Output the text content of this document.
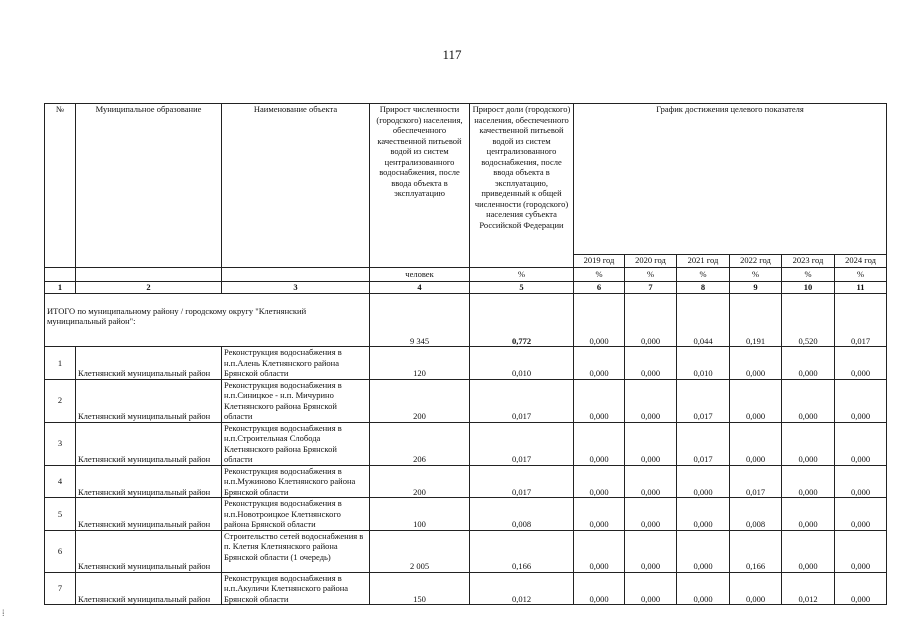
117
№	Муниципальное образование	Наименование объекта	Прирост численности (городского) населения, обеспеченного качественной питьевой водой из систем централизованного водоснабжения, после ввода объекта в эксплуатацию	Прирост доли (городского) населения, обеспеченного качественной питьевой водой из систем централизованного водоснабжения, после ввода объекта в эксплуатацию, приведенный к общей численности (городского) населения субъекта Российской Федерации	График достижения целевого показателя					
					2019 год	2020 год	2021 год	2022 год	2023 год	2024 год
			человек	%	%	%	%	%	%	%
1	2	3	4	5	6	7	8	9	10	11
ИТОГО по муниципальному району / городскому округу "Клетнянский муниципальный район":			9 345	0,772	0,000	0,000	0,044	0,191	0,520	0,017
1	Клетнянский муниципальный район	Реконструкция водоснабжения в н.п.Алень Клетнянского района Брянской области	120	0,010	0,000	0,000	0,010	0,000	0,000	0,000
2	Клетнянский муниципальный район	Реконструкция водоснабжения в н.п.Синицкое - н.п. Мичурино Клетнянского района Брянской области	200	0,017	0,000	0,000	0,017	0,000	0,000	0,000
3	Клетнянский муниципальный район	Реконструкция водоснабжения в н.п.Строительная Слобода Клетнянского района Брянской области	206	0,017	0,000	0,000	0,017	0,000	0,000	0,000
4	Клетнянский муниципальный район	Реконструкция водоснабжения в н.п.Мужиново Клетнянского района Брянской области	200	0,017	0,000	0,000	0,000	0,017	0,000	0,000
5	Клетнянский муниципальный район	Реконструкция водоснабжения в н.п.Новотроицкое Клетнянского района Брянской области	100	0,008	0,000	0,000	0,000	0,008	0,000	0,000
6	Клетнянский муниципальный район	Строительство сетей водоснабжения в п. Клетня Клетнянского района Брянской области (1 очередь)	2 005	0,166	0,000	0,000	0,000	0,166	0,000	0,000
7	Клетнянский муниципальный район	Реконструкция водоснабжения в н.п.Акуличи Клетнянского района Брянской области	150	0,012	0,000	0,000	0,000	0,000	0,012	0,000
⁞
